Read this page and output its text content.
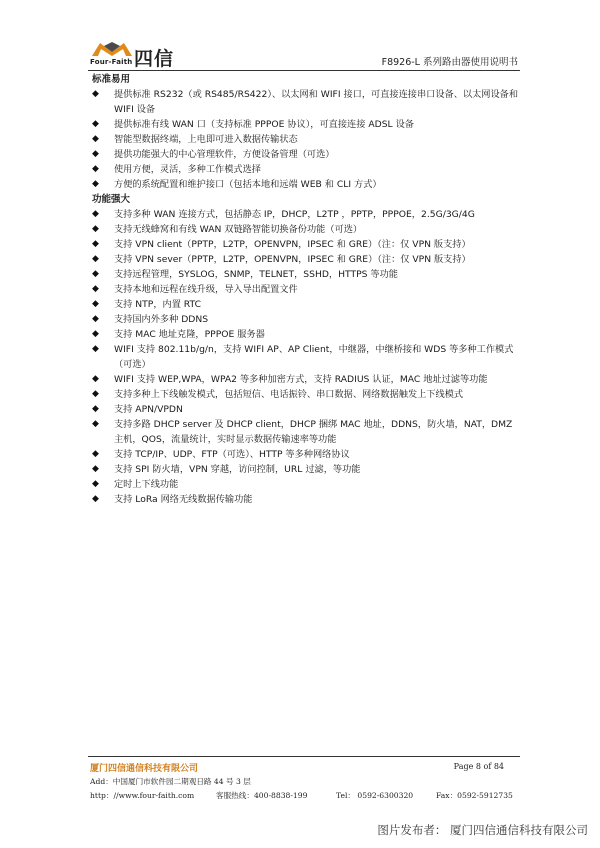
Four-Faith 四信	F8926-L 系列路由器使用说明书

标准易用

◆ 提供标准 RS232（或 RS485/RS422）、以太网和 WIFI 接口，可直接连接串口设备、以太网设备和 WIFI 设备
◆ 提供标准有线 WAN 口（支持标准 PPPOE 协议），可直接连接 ADSL 设备
◆ 智能型数据终端，上电即可进入数据传输状态
◆ 提供功能强大的中心管理软件，方便设备管理（可选）
◆ 使用方便，灵活，多种工作模式选择
◆ 方便的系统配置和维护接口（包括本地和远端 WEB 和 CLI 方式）

功能强大

◆ 支持多种 WAN 连接方式，包括静态 IP，DHCP，L2TP ，PPTP，PPPOE，2.5G/3G/4G
◆ 支持无线蜂窝和有线 WAN 双链路智能切换备份功能（可选）
◆ 支持 VPN client（PPTP，L2TP，OPENVPN，IPSEC 和 GRE）（注：仅 VPN 版支持）
◆ 支持 VPN sever（PPTP，L2TP，OPENVPN，IPSEC 和 GRE）（注：仅 VPN 版支持）
◆ 支持远程管理，SYSLOG，SNMP，TELNET，SSHD，HTTPS 等功能
◆ 支持本地和远程在线升级，导入导出配置文件
◆ 支持 NTP，内置 RTC
◆ 支持国内外多种 DDNS
◆ 支持 MAC 地址克隆，PPPOE 服务器
◆ WIFI 支持 802.11b/g/n，支持 WIFI AP、AP Client，中继器，中继桥接和 WDS 等多种工作模式（可选）
◆ WIFI 支持 WEP,WPA，WPA2 等多种加密方式，支持 RADIUS 认证，MAC 地址过滤等功能
◆ 支持多种上下线触发模式，包括短信、电话振铃、串口数据、网络数据触发上下线模式
◆ 支持 APN/VPDN
◆ 支持多路 DHCP server 及 DHCP client，DHCP 捆绑 MAC 地址，DDNS，防火墙，NAT，DMZ 主机，QOS，流量统计，实时显示数据传输速率等功能
◆ 支持 TCP/IP、UDP、FTP（可选）、HTTP 等多种网络协议
◆ 支持 SPI 防火墙，VPN 穿越，访问控制，URL 过滤，等功能
◆ 定时上下线功能
◆ 支持 LoRa 网络无线数据传输功能
厦门四信通信科技有限公司	Page 8 of 84
Add：中国厦门市软件园二期观日路 44 号 3 层
http：//www.four-faith.com	客服热线：400-8838-199	Tel： 0592-6300320	Fax：0592-5912735
图片发布者： 厦门四信通信科技有限公司
